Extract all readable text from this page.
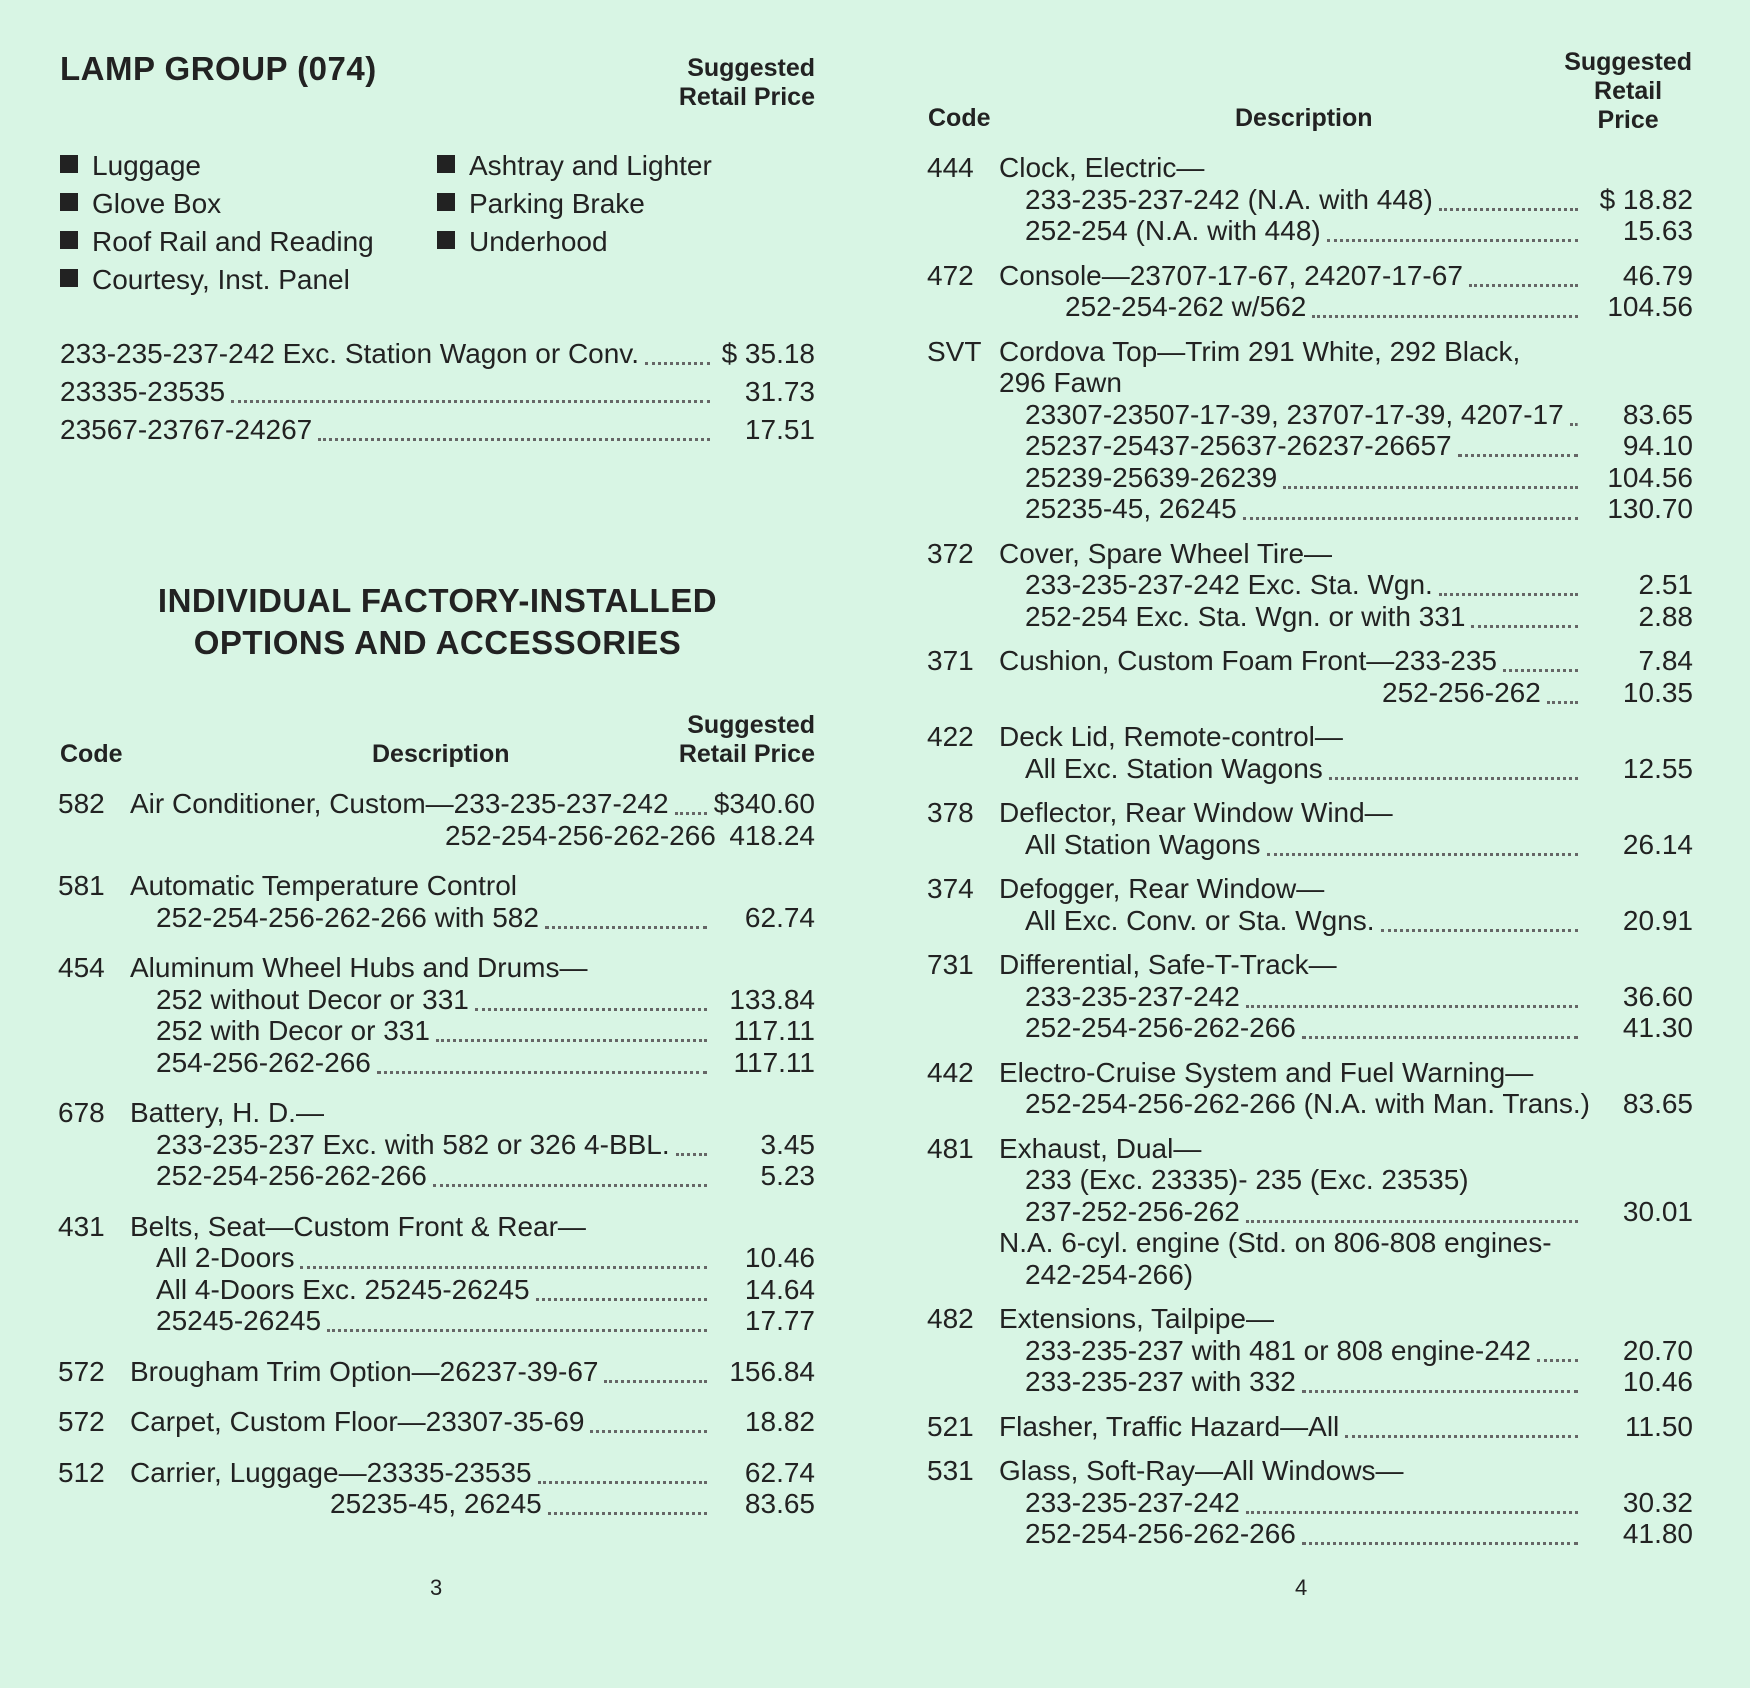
LAMP GROUP (074)	Suggested
Retail Price
Luggage
Glove Box
Roof Rail and Reading
Courtesy, Inst. Panel
Ashtray and Lighter
Parking Brake
Underhood
233-235-237-242 Exc. Station Wagon or Conv.	$ 35.18
23335-23535	31.73
23567-23767-24267	17.51
INDIVIDUAL FACTORY-INSTALLED
OPTIONS AND ACCESSORIES
Code	Description
Suggested
Retail Price
582 Air Conditioner, Custom—233-235-237-242 $340.60
252-254-256-262-266 418.24
581 Automatic Temperature Control
252-254-256-262-266 with 582	62.74
454 Aluminum Wheel Hubs and Drums—
252 without Decor or 331	133.84
252 with Decor or 331	117.11
254-256-262-266	117.11
678 Battery, H. D.—
233-235-237 Exc. with 582 or 326 4-BBL.	3.45
252-254-256-262-266	5.23
431 Belts, Seat—Custom Front & Rear—
All 2-Doors	10.46
All 4-Doors Exc. 25245-26245	14.64
25245-26245	17.77
572 Brougham Trim Option—26237-39-67	156.84
572 Carpet, Custom Floor—23307-35-69	18.82
512 Carrier, Luggage—23335-23535	62.74
25235-45, 26245	83.65
3
Code	Description
Suggested
Retail
Price
444 Clock, Electric—
233-235-237-242 (N.A. with 448)	$ 18.82
252-254 (N.A. with 448)	15.63
472 Console—23707-17-67, 24207-17-67	46.79
252-254-262 w/562	104.56
SVT Cordova Top—Trim 291 White, 292 Black,
296 Fawn
23307-23507-17-39, 23707-17-39, 4207-17 83.65
25237-25437-25637-26237-26657	94.10
25239-25639-26239	104.56
25235-45, 26245	130.70
372 Cover, Spare Wheel Tire—
233-235-237-242 Exc. Sta. Wgn.	2.51
252-254 Exc. Sta. Wgn. or with 331	2.88
371 Cushion, Custom Foam Front—233-235	7.84
252-256-262	10.35
422 Deck Lid, Remote-control—
All Exc. Station Wagons	12.55
378 Deflector, Rear Window Wind—
All Station Wagons	26.14
374 Defogger, Rear Window—
All Exc. Conv. or Sta. Wgns.	20.91
731 Differential, Safe-T-Track—
233-235-237-242	36.60
252-254-256-262-266	41.30
442 Electro-Cruise System and Fuel Warning—
252-254-256-262-266 (N.A. with Man. Trans.) 83.65
481 Exhaust, Dual—
233 (Exc. 23335)- 235 (Exc. 23535)
237-252-256-262	30.01
N.A. 6-cyl. engine (Std. on 806-808 engines-
242-254-266)
482 Extensions, Tailpipe—
233-235-237 with 481 or 808 engine-242	20.70
233-235-237 with 332	10.46
521 Flasher, Traffic Hazard—All	11.50
531 Glass, Soft-Ray—All Windows—
233-235-237-242	30.32
252-254-256-262-266	41.80
4
